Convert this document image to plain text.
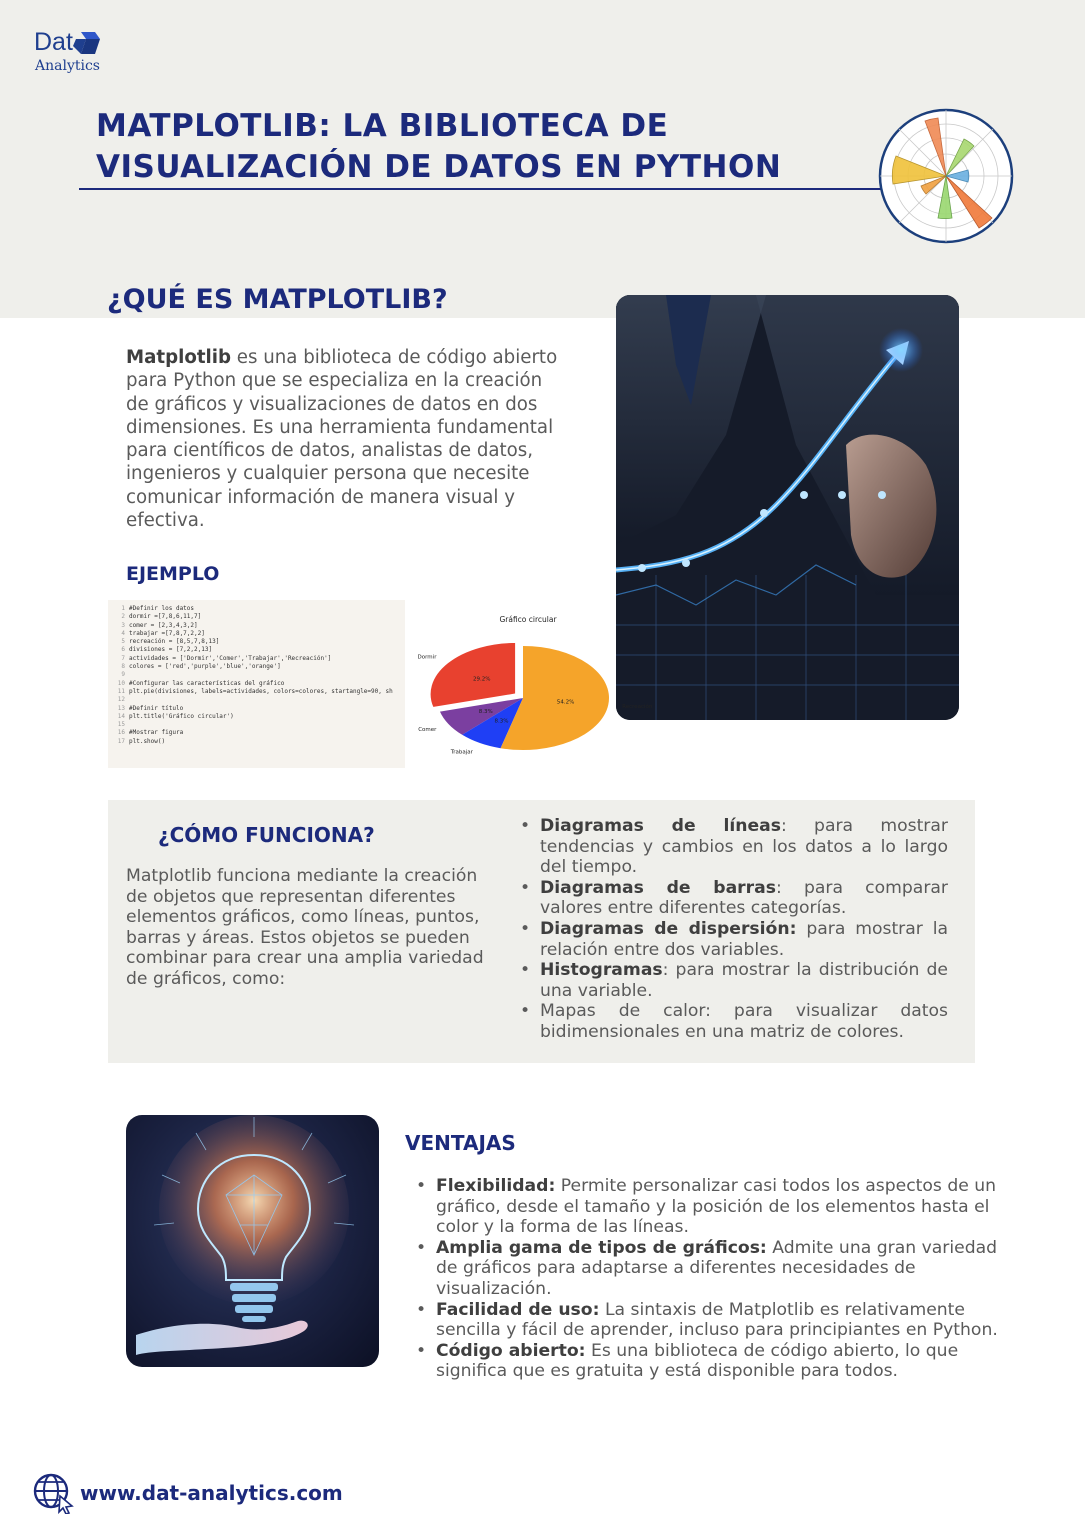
Dat
Analytics
MATPLOTLIB: LA BIBLIOTECA DE
VISUALIZACIÓN DE DATOS EN PYTHON
¿QUÉ ES MATPLOTLIB?
Matplotlib es una biblioteca de código abierto para Python que se especializa en la creación de gráficos y visualizaciones de datos en dos dimensiones. Es una herramienta fundamental para científicos de datos, analistas de datos, ingenieros y cualquier persona que necesite comunicar información de manera visual y efectiva.
EJEMPLO
1 #Definir los datos
2 dormir =[7,8,6,11,7]
3 comer = [2,3,4,3,2]
4 trabajar =[7,8,7,2,2]
5 recreación = [8,5,7,8,13]
6 divisiones = [7,2,2,13]
7 actividades = ['Dormir','Comer','Trabajar','Recreación']
8 colores = ['red','purple','blue','orange']
9
10 #Configurar las características del gráfico
11 plt.pie(divisiones, labels=actividades, colors=colores, startangle=90, sh
12
13 #Definir título
14 plt.title('Gráfico circular')
15
16 #Mostrar figura
17 plt.show()
Gráfico circular
29.2%
Dormir
8.3%
Comer
8.3%
Trabajar
54.2%
Recreación
¿CÓMO FUNCIONA?
Matplotlib funciona mediante la creación de objetos que representan diferentes elementos gráficos, como líneas, puntos, barras y áreas. Estos objetos se pueden combinar para crear una amplia variedad de gráficos, como:
• Diagramas de líneas: para mostrar tendencias y cambios en los datos a lo largo del tiempo.
• Diagramas de barras: para comparar valores entre diferentes categorías.
• Diagramas de dispersión: para mostrar la relación entre dos variables.
• Histogramas: para mostrar la distribución de una variable.
• Mapas de calor: para visualizar datos bidimensionales en una matriz de colores.
VENTAJAS
• Flexibilidad: Permite personalizar casi todos los aspectos de un gráfico, desde el tamaño y la posición de los elementos hasta el color y la forma de las líneas.
• Amplia gama de tipos de gráficos: Admite una gran variedad de gráficos para adaptarse a diferentes necesidades de visualización.
• Facilidad de uso: La sintaxis de Matplotlib es relativamente sencilla y fácil de aprender, incluso para principiantes en Python.
• Código abierto: Es una biblioteca de código abierto, lo que significa que es gratuita y está disponible para todos.
www.dat-analytics.com
